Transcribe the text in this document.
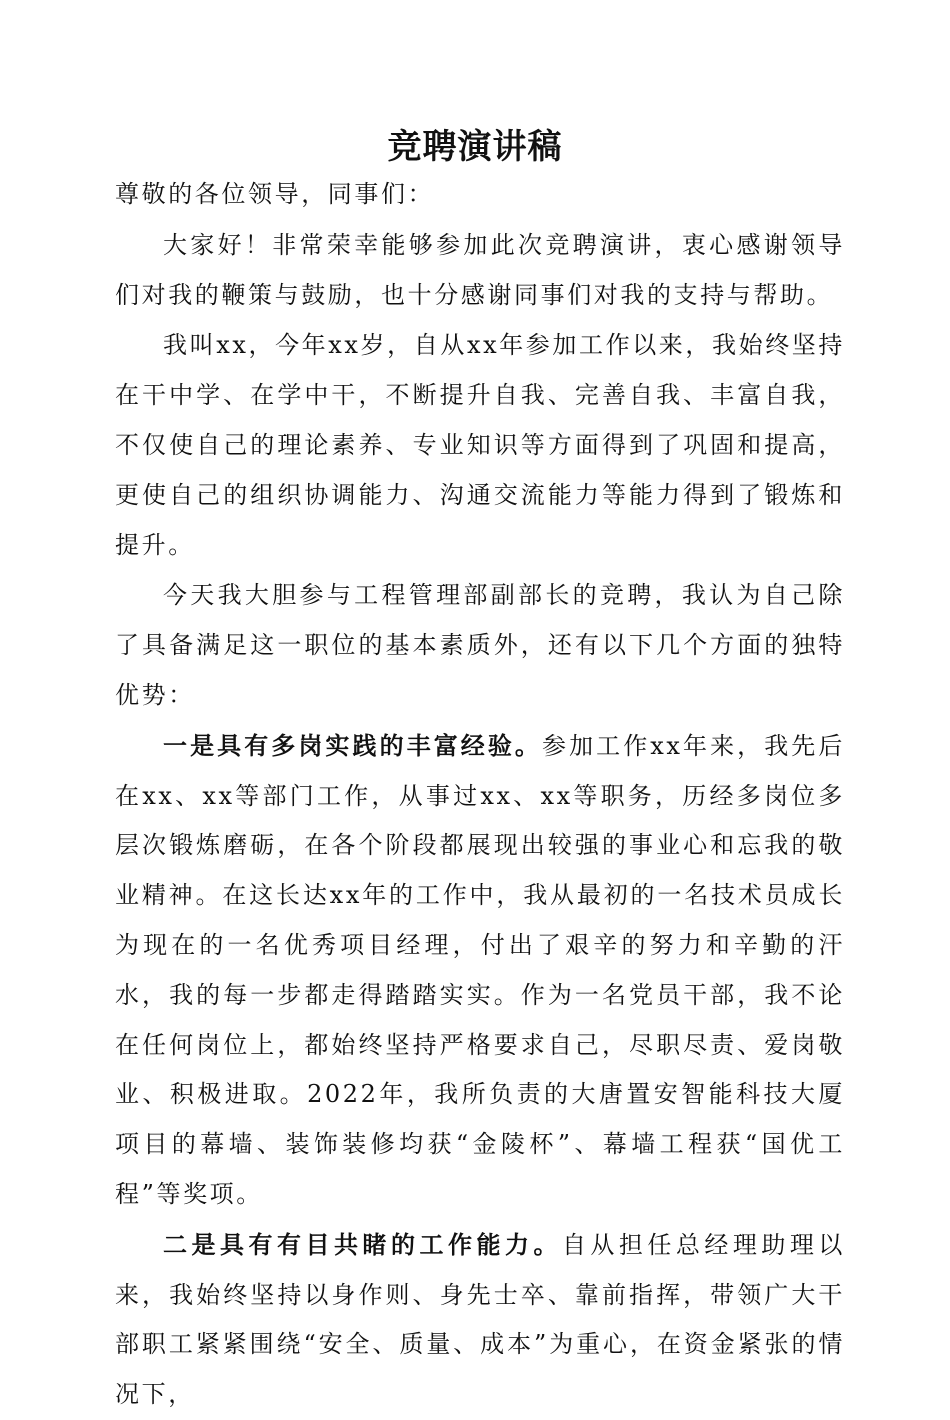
竞聘演讲稿

尊敬的各位领导，同事们：

大家好！非常荣幸能够参加此次竞聘演讲，衷心感谢领导们对我的鞭策与鼓励，也十分感谢同事们对我的支持与帮助。

我叫xx，今年xx岁，自从xx年参加工作以来，我始终坚持在干中学、在学中干，不断提升自我、完善自我、丰富自我，不仅使自己的理论素养、专业知识等方面得到了巩固和提高，更使自己的组织协调能力、沟通交流能力等能力得到了锻炼和提升。

今天我大胆参与工程管理部副部长的竞聘，我认为自己除了具备满足这一职位的基本素质外，还有以下几个方面的独特优势：

一是具有多岗实践的丰富经验。参加工作xx年来，我先后在xx、xx等部门工作，从事过xx、xx等职务，历经多岗位多层次锻炼磨砺，在各个阶段都展现出较强的事业心和忘我的敬业精神。在这长达xx年的工作中，我从最初的一名技术员成长为现在的一名优秀项目经理，付出了艰辛的努力和辛勤的汗水，我的每一步都走得踏踏实实。作为一名党员干部，我不论在任何岗位上，都始终坚持严格要求自己，尽职尽责、爱岗敬业、积极进取。2022年，我所负责的大唐置安智能科技大厦项目的幕墙、装饰装修均获“金陵杯”、幕墙工程获“国优工程”等奖项。

二是具有有目共睹的工作能力。自从担任总经理助理以来，我始终坚持以身作则、身先士卒、靠前指挥，带领广大干部职工紧紧围绕“安全、质量、成本”为重心，在资金紧张的情况下，
